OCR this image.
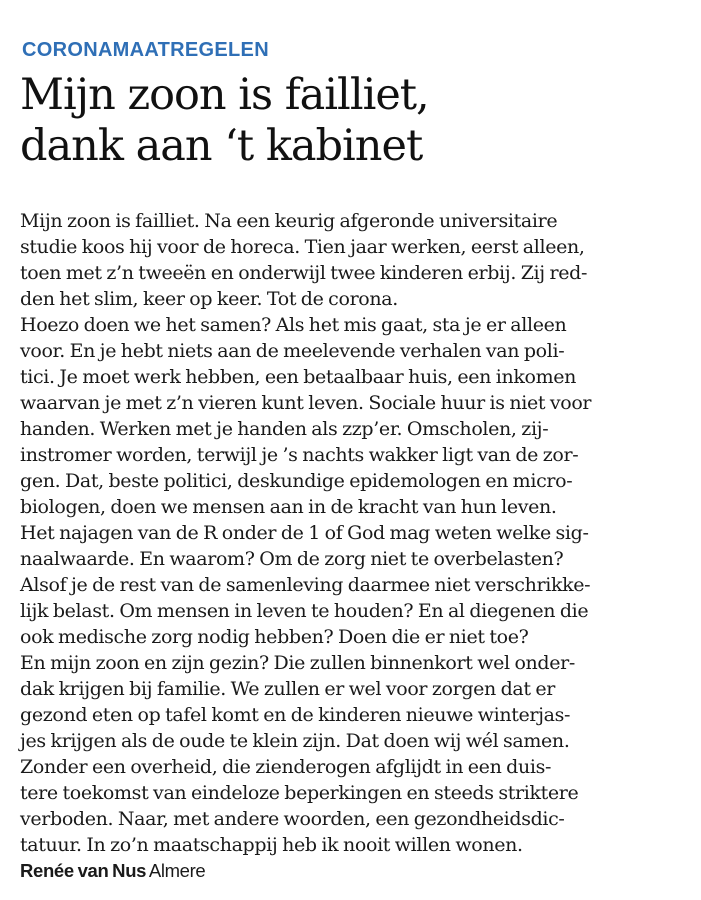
CORONAMAATREGELEN
Mijn zoon is failliet,
dank aan ‘t kabinet
Mijn zoon is failliet. Na een keurig afgeronde universitaire
studie koos hij voor de horeca. Tien jaar werken, eerst alleen,
toen met z’n tweeën en onderwijl twee kinderen erbij. Zij red-
den het slim, keer op keer. Tot de corona.
Hoezo doen we het samen? Als het mis gaat, sta je er alleen
voor. En je hebt niets aan de meelevende verhalen van poli-
tici. Je moet werk hebben, een betaalbaar huis, een inkomen
waarvan je met z’n vieren kunt leven. Sociale huur is niet voor
handen. Werken met je handen als zzp’er. Omscholen, zij-
instromer worden, terwijl je ’s nachts wakker ligt van de zor-
gen. Dat, beste politici, deskundige epidemologen en micro-
biologen, doen we mensen aan in de kracht van hun leven.
Het najagen van de R onder de 1 of God mag weten welke sig-
naalwaarde. En waarom? Om de zorg niet te overbelasten?
Alsof je de rest van de samenleving daarmee niet verschrikke-
lijk belast. Om mensen in leven te houden? En al diegenen die
ook medische zorg nodig hebben? Doen die er niet toe?
En mijn zoon en zijn gezin? Die zullen binnenkort wel onder-
dak krijgen bij familie. We zullen er wel voor zorgen dat er
gezond eten op tafel komt en de kinderen nieuwe winterjas-
jes krijgen als de oude te klein zijn. Dat doen wij wél samen.
Zonder een overheid, die zienderogen afglijdt in een duis-
tere toekomst van eindeloze beperkingen en steeds striktere
verboden. Naar, met andere woorden, een gezondheidsdic-
tatuur. In zo’n maatschappij heb ik nooit willen wonen.
Renée van Nus Almere
